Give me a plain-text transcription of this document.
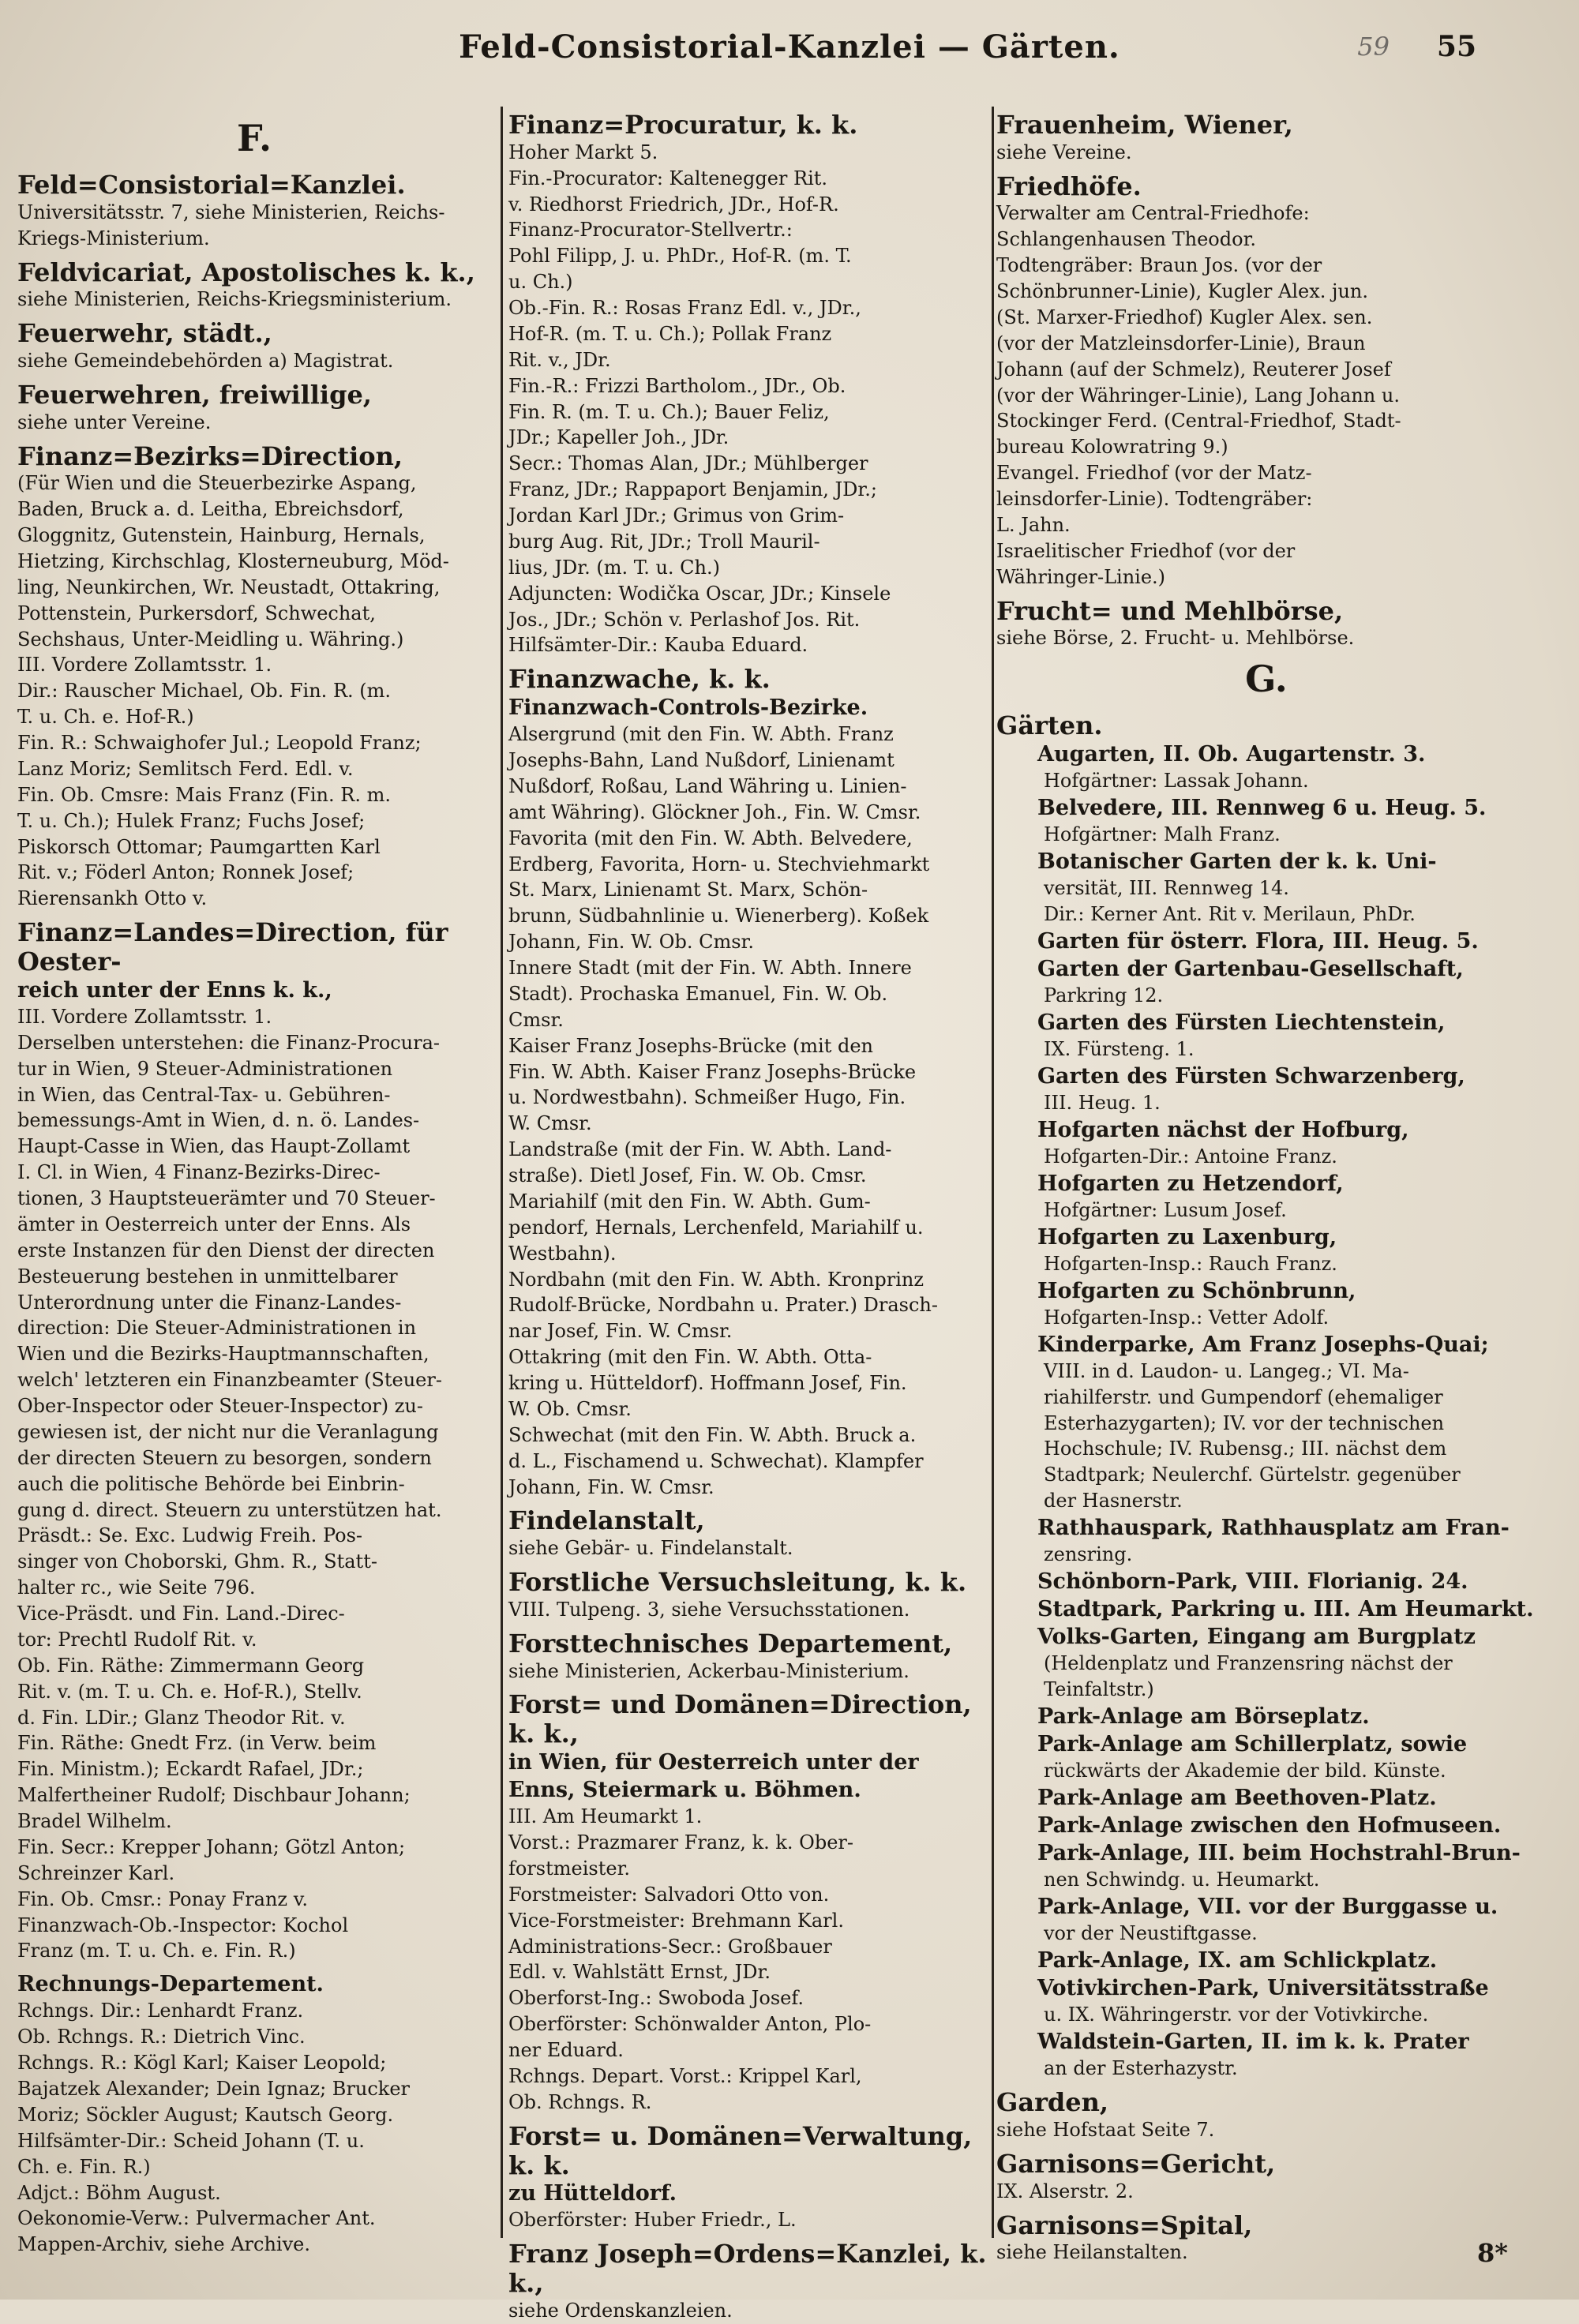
Feld-Consistorial-Kanzlei — Gärten.	59 55
F.
Feld=Consistorial=Kanzlei.
Universitätsstr. 7, siehe Ministerien, Reichs-
Kriegs-Ministerium.
Feldvicariat, Apostolisches k. k.,
siehe Ministerien, Reichs-Kriegsministerium.
Feuerwehr, städt.,
siehe Gemeindebehörden a) Magistrat.
Feuerwehren, freiwillige,
siehe unter Vereine.
Finanz=Bezirks=Direction,
(Für Wien und die Steuerbezirke Aspang,
Baden, Bruck a. d. Leitha, Ebreichsdorf,
Gloggnitz, Gutenstein, Hainburg, Hernals,
Hietzing, Kirchschlag, Klosterneuburg, Möd-
ling, Neunkirchen, Wr. Neustadt, Ottakring,
Pottenstein, Purkersdorf, Schwechat,
Sechshaus, Unter-Meidling u. Währing.)
III. Vordere Zollamtsstr. 1.
Dir.: Rauscher Michael, Ob. Fin. R. (m.
T. u. Ch. e. Hof-R.)
Fin. R.: Schwaighofer Jul.; Leopold Franz;
Lanz Moriz; Semlitsch Ferd. Edl. v.
Fin. Ob. Cmsre: Mais Franz (Fin. R. m.
T. u. Ch.); Hulek Franz; Fuchs Josef;
Piskorsch Ottomar; Paumgartten Karl
Rit. v.; Föderl Anton; Ronnek Josef;
Rierensankh Otto v.
Finanz=Landes=Direction, für Oester-
reich unter der Enns k. k.,
III. Vordere Zollamtsstr. 1.
Derselben unterstehen: die Finanz-Procura-
tur in Wien, 9 Steuer-Administrationen
in Wien, das Central-Tax- u. Gebühren-
bemessungs-Amt in Wien, d. n. ö. Landes-
Haupt-Casse in Wien, das Haupt-Zollamt
I. Cl. in Wien, 4 Finanz-Bezirks-Direc-
tionen, 3 Hauptsteuerämter und 70 Steuer-
ämter in Oesterreich unter der Enns. Als
erste Instanzen für den Dienst der directen
Besteuerung bestehen in unmittelbarer
Unterordnung unter die Finanz-Landes-
direction: Die Steuer-Administrationen in
Wien und die Bezirks-Hauptmannschaften,
welch' letzteren ein Finanzbeamter (Steuer-
Ober-Inspector oder Steuer-Inspector) zu-
gewiesen ist, der nicht nur die Veranlagung
der directen Steuern zu besorgen, sondern
auch die politische Behörde bei Einbrin-
gung d. direct. Steuern zu unterstützen hat.
Präsdt.: Se. Exc. Ludwig Freih. Pos-
singer von Choborski, Ghm. R., Statt-
halter rc., wie Seite 796.
Vice-Präsdt. und Fin. Land.-Direc-
tor: Prechtl Rudolf Rit. v.
Ob. Fin. Räthe: Zimmermann Georg
Rit. v. (m. T. u. Ch. e. Hof-R.), Stellv.
d. Fin. LDir.; Glanz Theodor Rit. v.
Fin. Räthe: Gnedt Frz. (in Verw. beim
Fin. Ministm.); Eckardt Rafael, JDr.;
Malfertheiner Rudolf; Dischbaur Johann;
Bradel Wilhelm.
Fin. Secr.: Krepper Johann; Götzl Anton;
Schreinzer Karl.
Fin. Ob. Cmsr.: Ponay Franz v.
Finanzwach-Ob.-Inspector: Kochol
Franz (m. T. u. Ch. e. Fin. R.)
Rechnungs-Departement.
Rchngs. Dir.: Lenhardt Franz.
Ob. Rchngs. R.: Dietrich Vinc.
Rchngs. R.: Kögl Karl; Kaiser Leopold;
Bajatzek Alexander; Dein Ignaz; Brucker
Moriz; Söckler August; Kautsch Georg.
Hilfsämter-Dir.: Scheid Johann (T. u.
Ch. e. Fin. R.)
Adjct.: Böhm August.
Oekonomie-Verw.: Pulvermacher Ant.
Mappen-Archiv, siehe Archive.
Finanz=Procuratur, k. k.
Hoher Markt 5.
Fin.-Procurator: Kaltenegger Rit.
v. Riedhorst Friedrich, JDr., Hof-R.
Finanz-Procurator-Stellvertr.:
Pohl Filipp, J. u. PhDr., Hof-R. (m. T.
u. Ch.)
Ob.-Fin. R.: Rosas Franz Edl. v., JDr.,
Hof-R. (m. T. u. Ch.); Pollak Franz
Rit. v., JDr.
Fin.-R.: Frizzi Bartholom., JDr., Ob.
Fin. R. (m. T. u. Ch.); Bauer Feliz,
JDr.; Kapeller Joh., JDr.
Secr.: Thomas Alan, JDr.; Mühlberger
Franz, JDr.; Rappaport Benjamin, JDr.;
Jordan Karl JDr.; Grimus von Grim-
burg Aug. Rit, JDr.; Troll Mauril-
lius, JDr. (m. T. u. Ch.)
Adjuncten: Wodička Oscar, JDr.; Kinsele
Jos., JDr.; Schön v. Perlashof Jos. Rit.
Hilfsämter-Dir.: Kauba Eduard.
Finanzwache, k. k.
Finanzwach-Controls-Bezirke.
Alsergrund (mit den Fin. W. Abth. Franz
Josephs-Bahn, Land Nußdorf, Linienamt
Nußdorf, Roßau, Land Währing u. Linien-
amt Währing). Glöckner Joh., Fin. W. Cmsr.
Favorita (mit den Fin. W. Abth. Belvedere,
Erdberg, Favorita, Horn- u. Stechviehmarkt
St. Marx, Linienamt St. Marx, Schön-
brunn, Südbahnlinie u. Wienerberg). Koßek
Johann, Fin. W. Ob. Cmsr.
Innere Stadt (mit der Fin. W. Abth. Innere
Stadt). Prochaska Emanuel, Fin. W. Ob.
Cmsr.
Kaiser Franz Josephs-Brücke (mit den
Fin. W. Abth. Kaiser Franz Josephs-Brücke
u. Nordwestbahn). Schmeißer Hugo, Fin.
W. Cmsr.
Landstraße (mit der Fin. W. Abth. Land-
straße). Dietl Josef, Fin. W. Ob. Cmsr.
Mariahilf (mit den Fin. W. Abth. Gum-
pendorf, Hernals, Lerchenfeld, Mariahilf u.
Westbahn).
Nordbahn (mit den Fin. W. Abth. Kronprinz
Rudolf-Brücke, Nordbahn u. Prater.) Drasch-
nar Josef, Fin. W. Cmsr.
Ottakring (mit den Fin. W. Abth. Otta-
kring u. Hütteldorf). Hoffmann Josef, Fin.
W. Ob. Cmsr.
Schwechat (mit den Fin. W. Abth. Bruck a.
d. L., Fischamend u. Schwechat). Klampfer
Johann, Fin. W. Cmsr.
Findelanstalt,
siehe Gebär- u. Findelanstalt.
Forstliche Versuchsleitung, k. k.
VIII. Tulpeng. 3, siehe Versuchsstationen.
Forsttechnisches Departement,
siehe Ministerien, Ackerbau-Ministerium.
Forst= und Domänen=Direction, k. k.,
in Wien, für Oesterreich unter der
Enns, Steiermark u. Böhmen.
III. Am Heumarkt 1.
Vorst.: Prazmarer Franz, k. k. Ober-
forstmeister.
Forstmeister: Salvadori Otto von.
Vice-Forstmeister: Brehmann Karl.
Administrations-Secr.: Großbauer
Edl. v. Wahlstätt Ernst, JDr.
Oberforst-Ing.: Swoboda Josef.
Oberförster: Schönwalder Anton, Plo-
ner Eduard.
Rchngs. Depart. Vorst.: Krippel Karl,
Ob. Rchngs. R.
Forst= u. Domänen=Verwaltung, k. k.
zu Hütteldorf.
Oberförster: Huber Friedr., L.
Franz Joseph=Ordens=Kanzlei, k. k.,
siehe Ordenskanzleien.
Frauenheim, Wiener,
siehe Vereine.
Friedhöfe.
Verwalter am Central-Friedhofe:
Schlangenhausen Theodor.
Todtengräber: Braun Jos. (vor der
Schönbrunner-Linie), Kugler Alex. jun.
(St. Marxer-Friedhof) Kugler Alex. sen.
(vor der Matzleinsdorfer-Linie), Braun
Johann (auf der Schmelz), Reuterer Josef
(vor der Währinger-Linie), Lang Johann u.
Stockinger Ferd. (Central-Friedhof, Stadt-
bureau Kolowratring 9.)
Evangel. Friedhof (vor der Matz-
leinsdorfer-Linie). Todtengräber:
L. Jahn.
Israelitischer Friedhof (vor der
Währinger-Linie.)
Frucht= und Mehlbörse,
siehe Börse, 2. Frucht- u. Mehlbörse.
G.
Gärten.
Augarten, II. Ob. Augartenstr. 3.
Hofgärtner: Lassak Johann.
Belvedere, III. Rennweg 6 u. Heug. 5.
Hofgärtner: Malh Franz.
Botanischer Garten der k. k. Uni-
versität, III. Rennweg 14.
Dir.: Kerner Ant. Rit v. Merilaun, PhDr.
Garten für österr. Flora, III. Heug. 5.
Garten der Gartenbau-Gesellschaft,
Parkring 12.
Garten des Fürsten Liechtenstein,
IX. Fürsteng. 1.
Garten des Fürsten Schwarzenberg,
III. Heug. 1.
Hofgarten nächst der Hofburg,
Hofgarten-Dir.: Antoine Franz.
Hofgarten zu Hetzendorf,
Hofgärtner: Lusum Josef.
Hofgarten zu Laxenburg,
Hofgarten-Insp.: Rauch Franz.
Hofgarten zu Schönbrunn,
Hofgarten-Insp.: Vetter Adolf.
Kinderparke, Am Franz Josephs-Quai;
VIII. in d. Laudon- u. Langeg.; VI. Ma-
riahilferstr. und Gumpendorf (ehemaliger
Esterhazygarten); IV. vor der technischen
Hochschule; IV. Rubensg.; III. nächst dem
Stadtpark; Neulerchf. Gürtelstr. gegenüber
der Hasnerstr.
Rathhauspark, Rathhausplatz am Fran-
zensring.
Schönborn-Park, VIII. Florianig. 24.
Stadtpark, Parkring u. III. Am Heumarkt.
Volks-Garten, Eingang am Burgplatz
(Heldenplatz und Franzensring nächst der
Teinfaltstr.)
Park-Anlage am Börseplatz.
Park-Anlage am Schillerplatz, sowie
rückwärts der Akademie der bild. Künste.
Park-Anlage am Beethoven-Platz.
Park-Anlage zwischen den Hofmuseen.
Park-Anlage, III. beim Hochstrahl-Brun-
nen Schwindg. u. Heumarkt.
Park-Anlage, VII. vor der Burggasse u.
vor der Neustiftgasse.
Park-Anlage, IX. am Schlickplatz.
Votivkirchen-Park, Universitätsstraße
u. IX. Währingerstr. vor der Votivkirche.
Waldstein-Garten, II. im k. k. Prater
an der Esterhazystr.
Garden,
siehe Hofstaat Seite 7.
Garnisons=Gericht,
IX. Alserstr. 2.
Garnisons=Spital,
siehe Heilanstalten.	8*
